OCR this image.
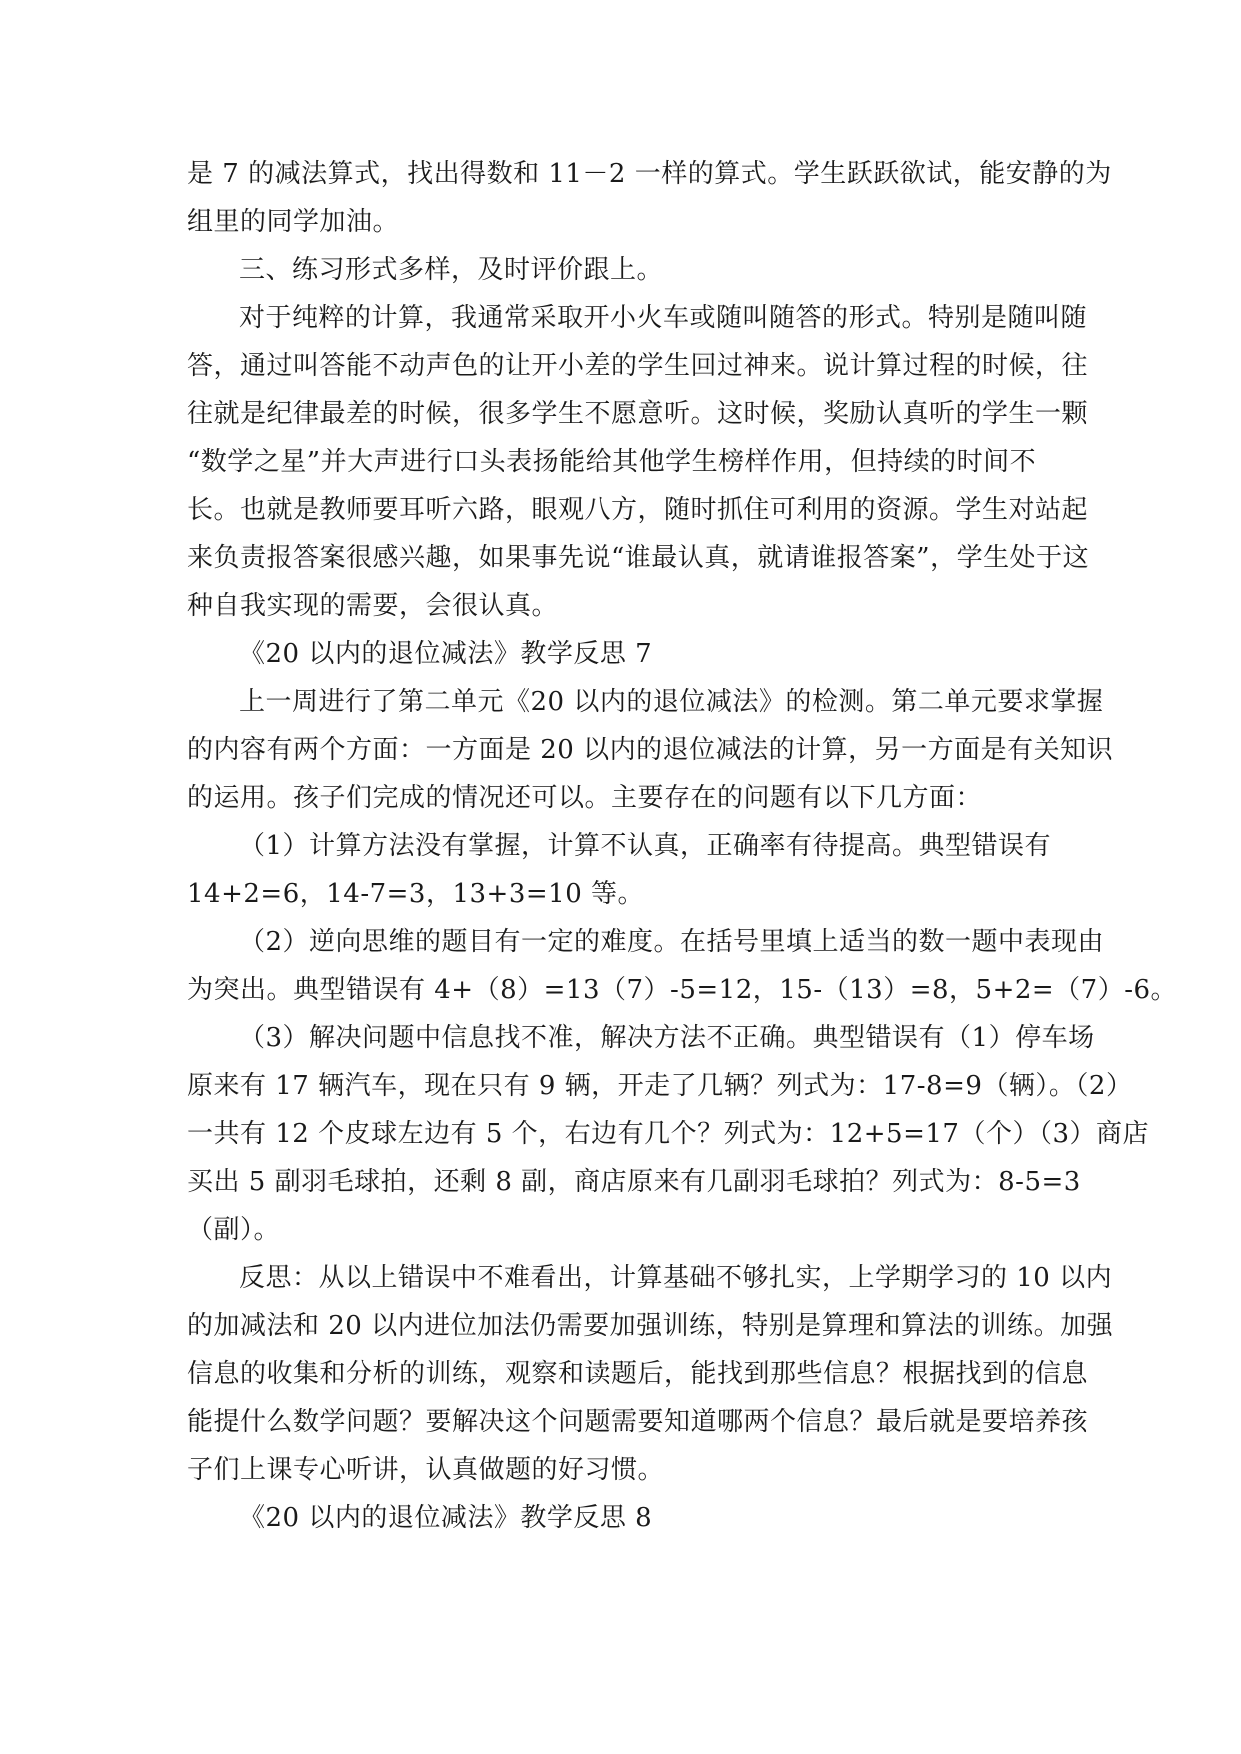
是 7 的减法算式，找出得数和 11－2 一样的算式。学生跃跃欲试，能安静的为
组里的同学加油。
三、练习形式多样，及时评价跟上。
对于纯粹的计算，我通常采取开小火车或随叫随答的形式。特别是随叫随
答，通过叫答能不动声色的让开小差的学生回过神来。说计算过程的时候，往
往就是纪律最差的时候，很多学生不愿意听。这时候，奖励认真听的学生一颗
“数学之星”并大声进行口头表扬能给其他学生榜样作用，但持续的时间不
长。也就是教师要耳听六路，眼观八方，随时抓住可利用的资源。学生对站起
来负责报答案很感兴趣，如果事先说“谁最认真，就请谁报答案”，学生处于这
种自我实现的需要，会很认真。
《20 以内的退位减法》教学反思 7
上一周进行了第二单元《20 以内的退位减法》的检测。第二单元要求掌握
的内容有两个方面：一方面是 20 以内的退位减法的计算，另一方面是有关知识
的运用。孩子们完成的情况还可以。主要存在的问题有以下几方面：
（1）计算方法没有掌握，计算不认真，正确率有待提高。典型错误有
14+2=6，14-7=3，13+3=10 等。
（2）逆向思维的题目有一定的难度。在括号里填上适当的数一题中表现由
为突出。典型错误有 4+（8）=13（7）-5=12，15-（13）=8，5+2=（7）-6。
（3）解决问题中信息找不准，解决方法不正确。典型错误有（1）停车场
原来有 17 辆汽车，现在只有 9 辆，开走了几辆？列式为：17-8=9（辆）。（2）
一共有 12 个皮球左边有 5 个，右边有几个？列式为：12+5=17（个）（3）商店
买出 5 副羽毛球拍，还剩 8 副，商店原来有几副羽毛球拍？列式为：8-5=3
（副）。
反思：从以上错误中不难看出，计算基础不够扎实，上学期学习的 10 以内
的加减法和 20 以内进位加法仍需要加强训练，特别是算理和算法的训练。加强
信息的收集和分析的训练，观察和读题后，能找到那些信息？根据找到的信息
能提什么数学问题？要解决这个问题需要知道哪两个信息？最后就是要培养孩
子们上课专心听讲，认真做题的好习惯。
《20 以内的退位减法》教学反思 8
